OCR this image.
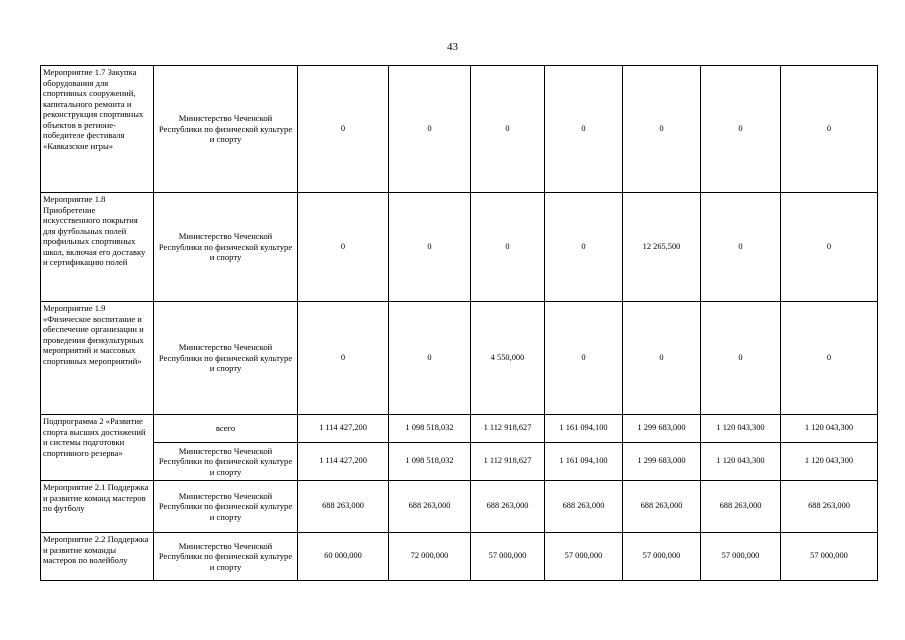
43
Мероприятие 1.7 Закупка оборудования для спортивных сооружений, капитального ремонта и реконструкция спортивных объектов в регионе-победителе фестиваля «Кавказские игры»	Министерство Чеченской Республики по физической культуре и спорту	0	0	0	0	0	0	0
Мероприятие 1.8 Приобретение искусственного покрытия для футбольных полей профильных спортивных школ, включая его доставку и сертификацию полей	Министерство Чеченской Республики по физической культуре и спорту	0	0	0	0	12 265,500	0	0
Мероприятие 1.9 «Физическое воспитание и обеспечение организации и проведения физкультурных мероприятий и массовых спортивных мероприятий»	Министерство Чеченской Республики по физической культуре и спорту	0	0	4 550,000	0	0	0	0
Подпрограмма 2 «Развитие спорта высших достижений и системы подготовки спортивного резерва»	всего	1 114 427,200	1 098 518,032	1 112 918,627	1 161 094,100	1 299 683,000	1 120 043,300	1 120 043,300
	Министерство Чеченской Республики по физической культуре и спорту	1 114 427,200	1 098 518,032	1 112 918,627	1 161 094,100	1 299 683,000	1 120 043,300	1 120 043,300
Мероприятие 2.1 Поддержка и развитие команд мастеров по футболу	Министерство Чеченской Республики по физической культуре и спорту	688 263,000	688 263,000	688 263,000	688 263,000	688 263,000	688 263,000	688 263,000
Мероприятие 2.2 Поддержка и развитие команды мастеров по волейболу	Министерство Чеченской Республики по физической культуре и спорту	60 000,000	72 000,000	57 000,000	57 000,000	57 000,000	57 000,000	57 000,000
